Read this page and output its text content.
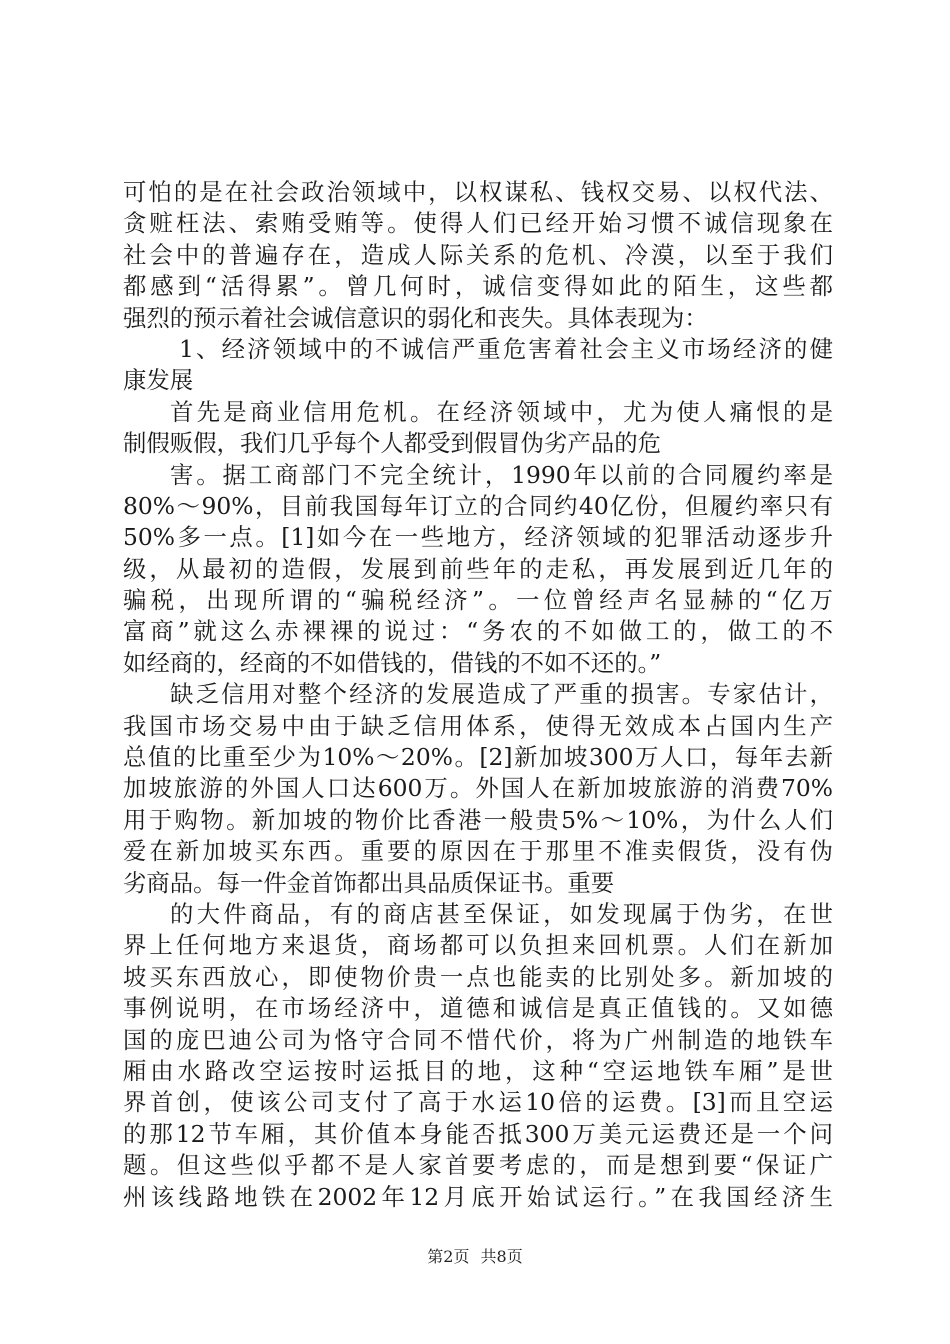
可怕的是在社会政治领域中，以权谋私、钱权交易、以权代法、
贪赃枉法、索贿受贿等。使得人们已经开始习惯不诚信现象在
社会中的普遍存在，造成人际关系的危机、冷漠，以至于我们
都感到“活得累”。曾几何时，诚信变得如此的陌生，这些都
强烈的预示着社会诚信意识的弱化和丧失。具体表现为：
1、经济领域中的不诚信严重危害着社会主义市场经济的健
康发展
首先是商业信用危机。在经济领域中，尤为使人痛恨的是
制假贩假，我们几乎每个人都受到假冒伪劣产品的危
害。据工商部门不完全统计，1990年以前的合同履约率是
80%～90%，目前我国每年订立的合同约40亿份，但履约率只有
50%多一点。[1]如今在一些地方，经济领域的犯罪活动逐步升
级，从最初的造假，发展到前些年的走私，再发展到近几年的
骗税，出现所谓的“骗税经济”。一位曾经声名显赫的“亿万
富商”就这么赤裸裸的说过：“务农的不如做工的，做工的不
如经商的，经商的不如借钱的，借钱的不如不还的。”
缺乏信用对整个经济的发展造成了严重的损害。专家估计，
我国市场交易中由于缺乏信用体系，使得无效成本占国内生产
总值的比重至少为10%～20%。[2]新加坡300万人口，每年去新
加坡旅游的外国人口达600万。外国人在新加坡旅游的消费70%
用于购物。新加坡的物价比香港一般贵5%～10%，为什么人们
爱在新加坡买东西。重要的原因在于那里不准卖假货，没有伪
劣商品。每一件金首饰都出具品质保证书。重要
的大件商品，有的商店甚至保证，如发现属于伪劣，在世
界上任何地方来退货，商场都可以负担来回机票。人们在新加
坡买东西放心，即使物价贵一点也能卖的比别处多。新加坡的
事例说明，在市场经济中，道德和诚信是真正值钱的。又如德
国的庞巴迪公司为恪守合同不惜代价，将为广州制造的地铁车
厢由水路改空运按时运抵目的地，这种“空运地铁车厢”是世
界首创，使该公司支付了高于水运10倍的运费。[3]而且空运
的那12节车厢，其价值本身能否抵300万美元运费还是一个问
题。但这些似乎都不是人家首要考虑的，而是想到要“保证广
州该线路地铁在2002年12月底开始试运行。”在我国经济生
第2页 共8页
